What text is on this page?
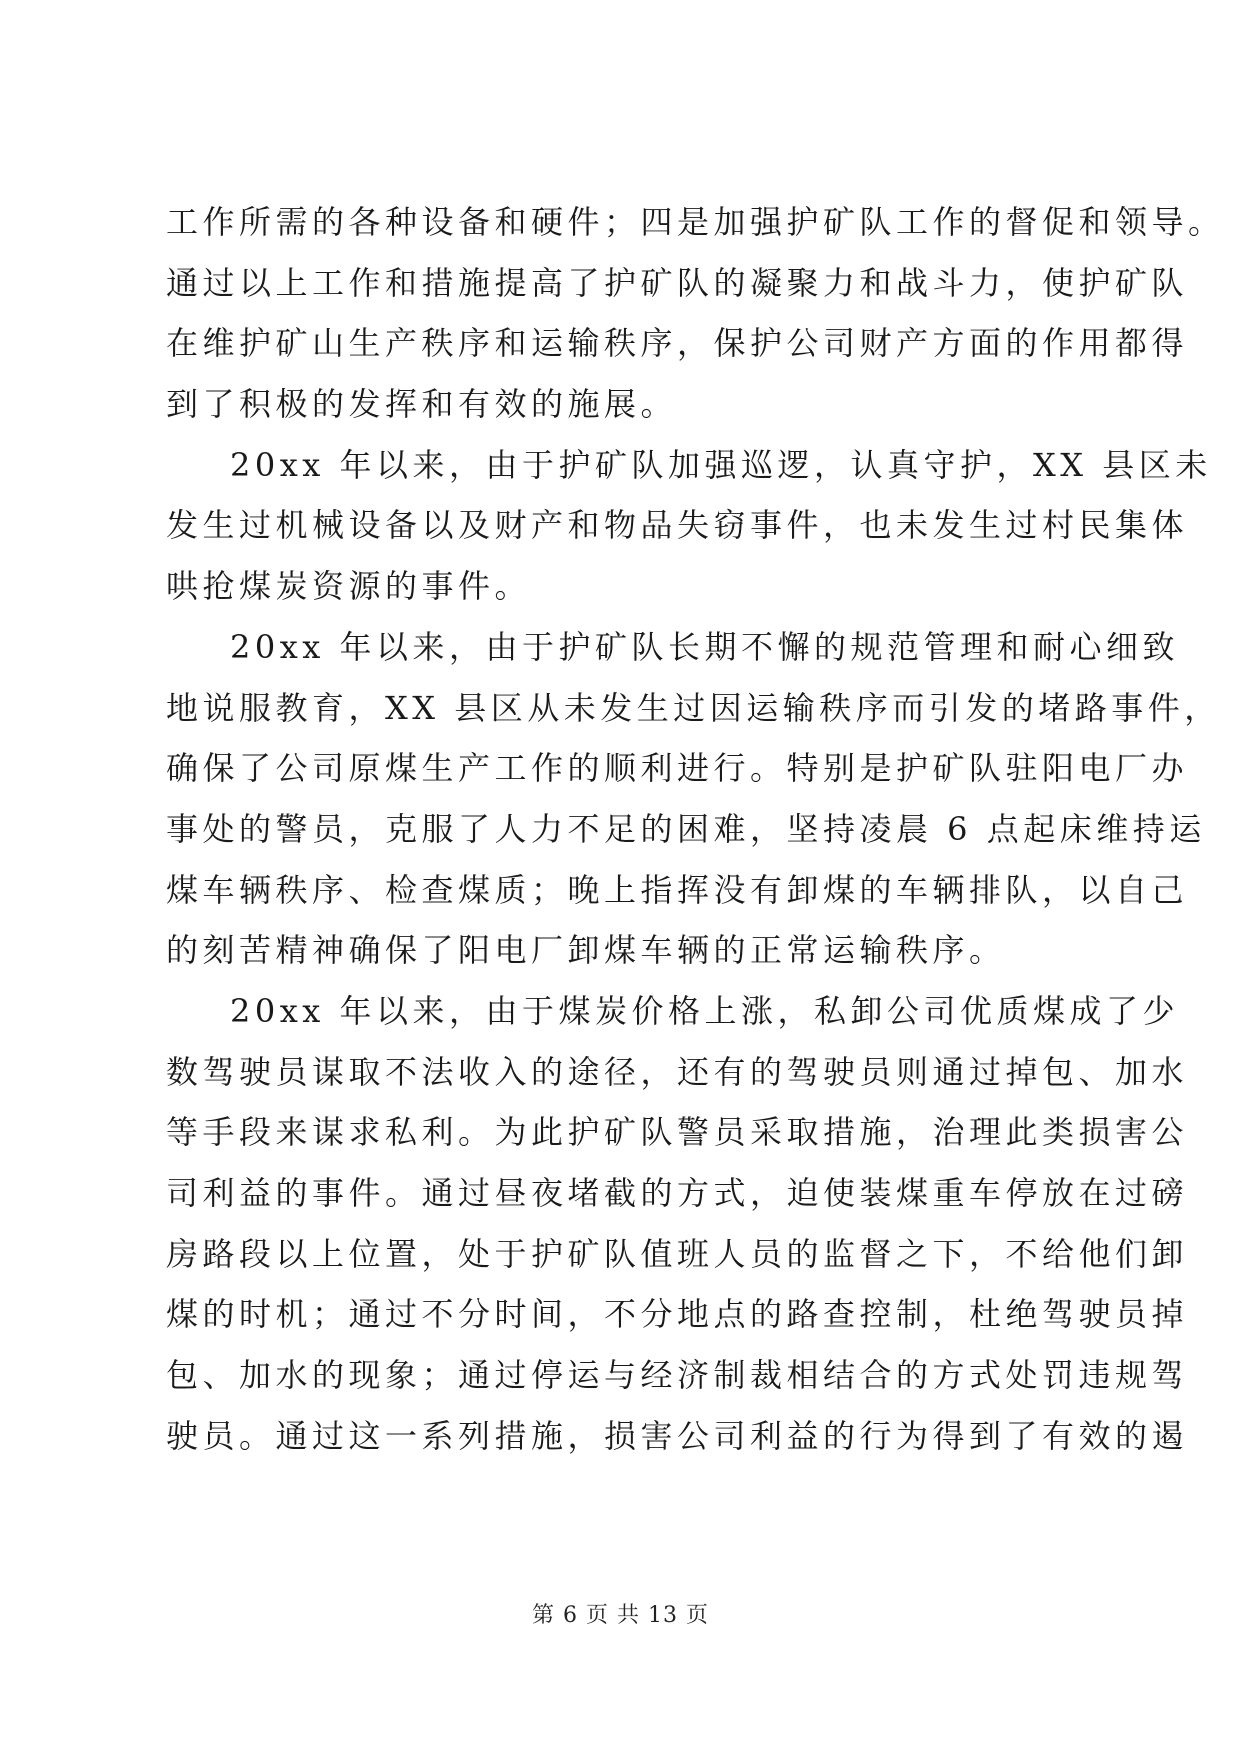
工作所需的各种设备和硬件；四是加强护矿队工作的督促和领导。
通过以上工作和措施提高了护矿队的凝聚力和战斗力，使护矿队
在维护矿山生产秩序和运输秩序，保护公司财产方面的作用都得
到了积极的发挥和有效的施展。
20xx 年以来，由于护矿队加强巡逻，认真守护，XX 县区未
发生过机械设备以及财产和物品失窃事件，也未发生过村民集体
哄抢煤炭资源的事件。
20xx 年以来，由于护矿队长期不懈的规范管理和耐心细致
地说服教育，XX 县区从未发生过因运输秩序而引发的堵路事件，
确保了公司原煤生产工作的顺利进行。特别是护矿队驻阳电厂办
事处的警员，克服了人力不足的困难，坚持凌晨 6 点起床维持运
煤车辆秩序、检查煤质；晚上指挥没有卸煤的车辆排队，以自己
的刻苦精神确保了阳电厂卸煤车辆的正常运输秩序。
20xx 年以来，由于煤炭价格上涨，私卸公司优质煤成了少
数驾驶员谋取不法收入的途径，还有的驾驶员则通过掉包、加水
等手段来谋求私利。为此护矿队警员采取措施，治理此类损害公
司利益的事件。通过昼夜堵截的方式，迫使装煤重车停放在过磅
房路段以上位置，处于护矿队值班人员的监督之下，不给他们卸
煤的时机；通过不分时间，不分地点的路查控制，杜绝驾驶员掉
包、加水的现象；通过停运与经济制裁相结合的方式处罚违规驾
驶员。通过这一系列措施，损害公司利益的行为得到了有效的遏
第 6 页 共 13 页
